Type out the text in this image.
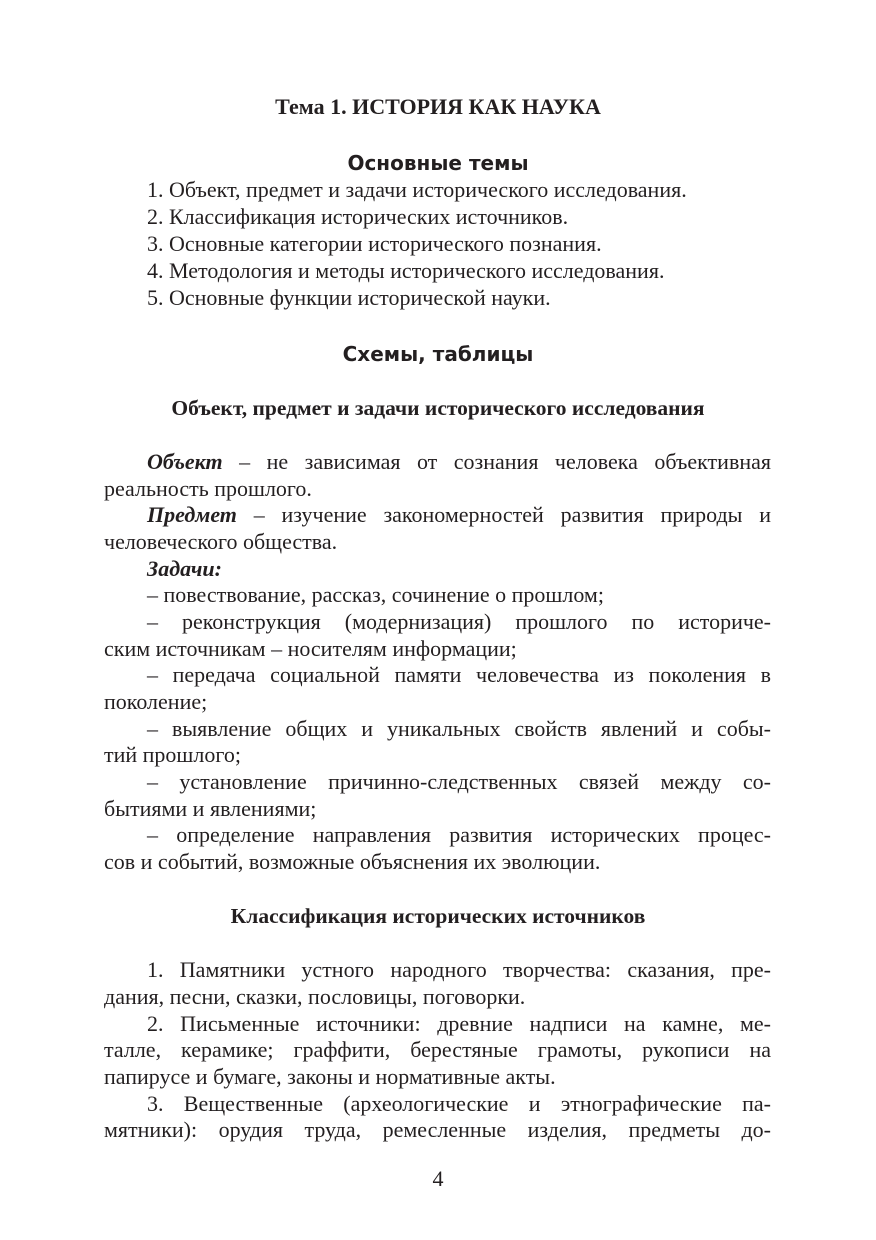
Тема 1. ИСТОРИЯ КАК НАУКА
Основные темы
1. Объект, предмет и задачи исторического исследования.
2. Классификация исторических источников.
3. Основные категории исторического познания.
4. Методология и методы исторического исследования.
5. Основные функции исторической науки.
Схемы, таблицы
Объект, предмет и задачи исторического исследования
Объект – не зависимая от сознания человека объективная
реальность прошлого.
Предмет – изучение закономерностей развития природы и
человеческого общества.
Задачи:
– повествование, рассказ, сочинение о прошлом;
– реконструкция (модернизация) прошлого по историче-
ским источникам – носителям информации;
– передача социальной памяти человечества из поколения в
поколение;
– выявление общих и уникальных свойств явлений и собы-
тий прошлого;
– установление причинно-следственных связей между со-
бытиями и явлениями;
– определение направления развития исторических процес-
сов и событий, возможные объяснения их эволюции.
Классификация исторических источников
1. Памятники устного народного творчества: сказания, пре-
дания, песни, сказки, пословицы, поговорки.
2. Письменные источники: древние надписи на камне, ме-
талле, керамике; граффити, берестяные грамоты, рукописи на
папирусе и бумаге, законы и нормативные акты.
3. Вещественные (археологические и этнографические па-
мятники): орудия труда, ремесленные изделия, предметы до-
4
